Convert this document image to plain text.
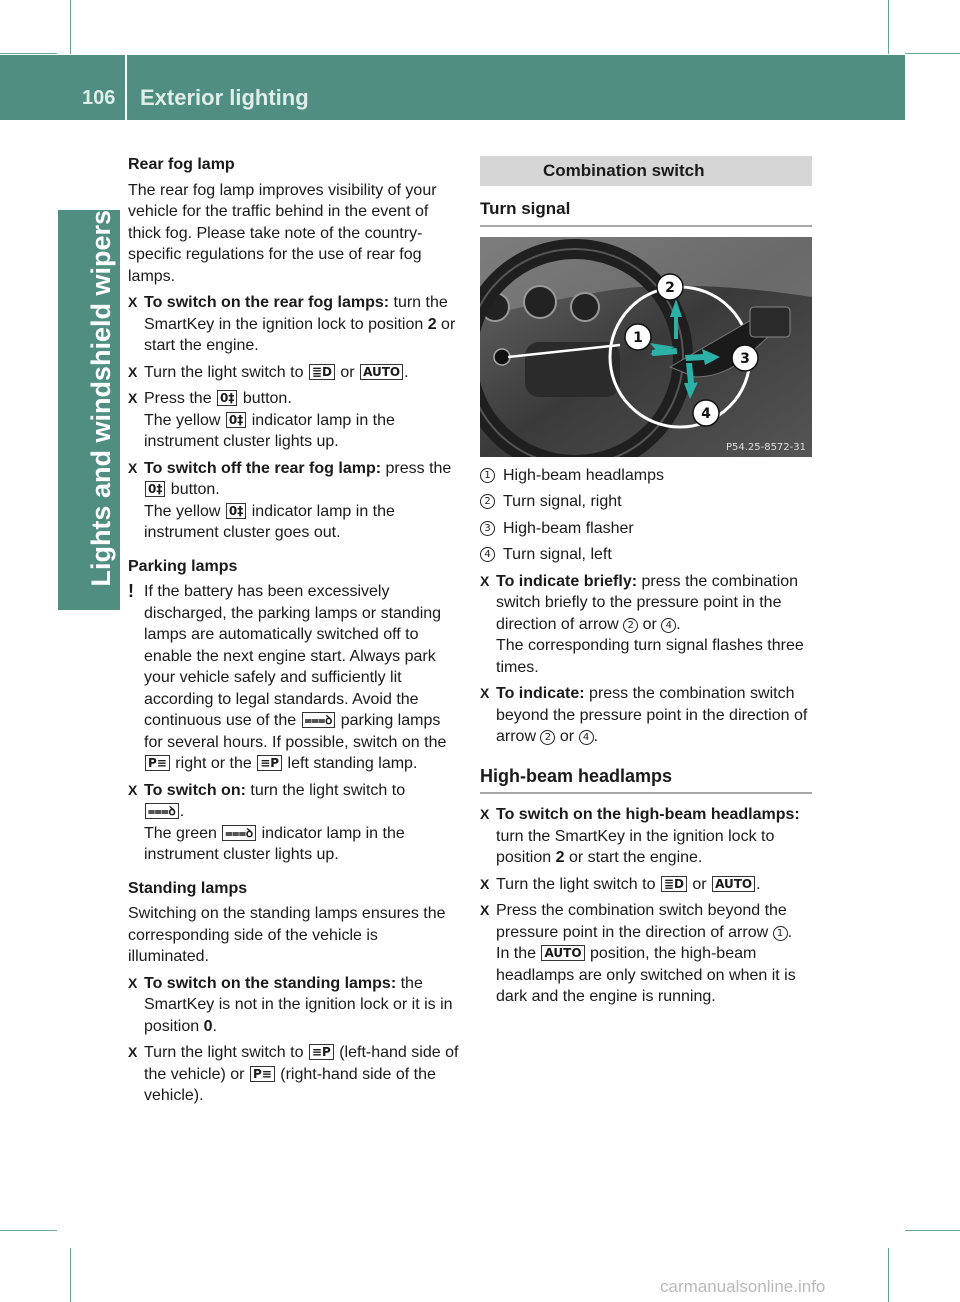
106 Exterior lighting
Lights and windshield wipers

Rear fog lamp

The rear fog lamp improves visibility of your vehicle for the traffic behind in the event of thick fog. Please take note of the country-specific regulations for the use of rear fog lamps.

X To switch on the rear fog lamps: turn the SmartKey in the ignition lock to position 2 or start the engine.
X Turn the light switch to ≣D or AUTO .
X Press the 0‡ button.
The yellow 0‡ indicator lamp in the instrument cluster lights up.
X To switch off the rear fog lamp: press the 0‡ button.
The yellow 0‡ indicator lamp in the instrument cluster goes out.

Parking lamps

! If the battery has been excessively discharged, the parking lamps or standing lamps are automatically switched off to enable the next engine start. Always park your vehicle safely and sufficiently lit according to legal standards. Avoid the continuous use of the ⩶ꝺ parking lamps for several hours. If possible, switch on the P≡ right or the ≡P left standing lamp.
X To switch on: turn the light switch to
⩶ꝺ .
The green ⩶ꝺ indicator lamp in the instrument cluster lights up.

Standing lamps

Switching on the standing lamps ensures the corresponding side of the vehicle is illuminated.

X To switch on the standing lamps: the SmartKey is not in the ignition lock or it is in position 0.
X Turn the light switch to ≡P (left-hand side of the vehicle) or P≡ (right-hand side of the vehicle).
Combination switch
Turn signal
1
2
3
4
P54.25-8572-31
1 High-beam headlamps
2 Turn signal, right
3 High-beam flasher
4 Turn signal, left
X To indicate briefly: press the combination switch briefly to the pressure point in the direction of arrow 2 or 4 .
The corresponding turn signal flashes three times.
X To indicate: press the combination switch beyond the pressure point in the direction of arrow 2 or 4 .
High-beam headlamps
X To switch on the high-beam headlamps: turn the SmartKey in the ignition lock to position 2 or start the engine.
X Turn the light switch to ≣D or AUTO .
X Press the combination switch beyond the pressure point in the direction of arrow 1 .
In the AUTO position, the high-beam headlamps are only switched on when it is dark and the engine is running.
carmanualsonline.info
